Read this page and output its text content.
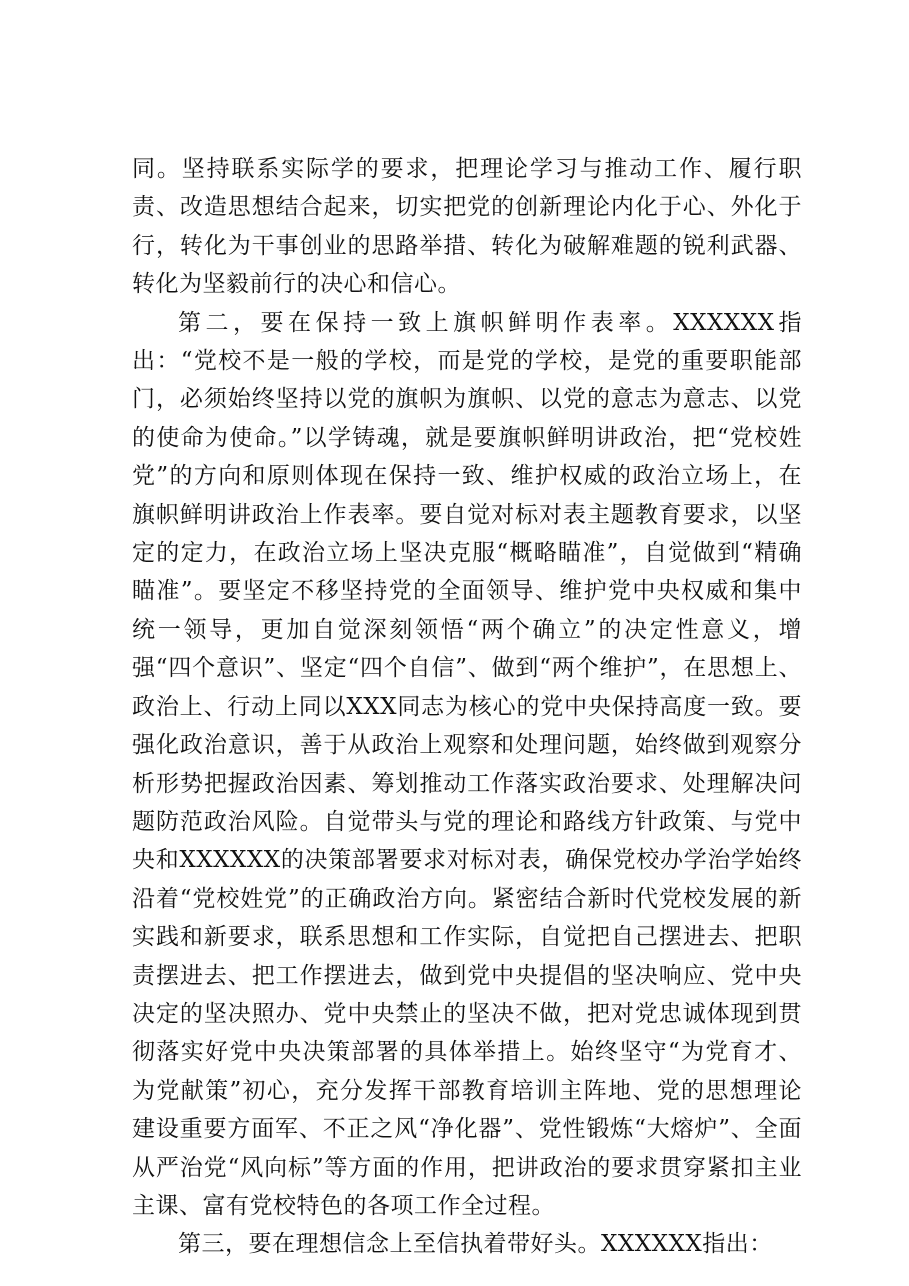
同。坚持联系实际学的要求，把理论学习与推动工作、履行职责、改造思想结合起来，切实把党的创新理论内化于心、外化于行，转化为干事创业的思路举措、转化为破解难题的锐利武器、转化为坚毅前行的决心和信心。

第二，要在保持一致上旗帜鲜明作表率。XXXXXX指出：“党校不是一般的学校，而是党的学校，是党的重要职能部门，必须始终坚持以党的旗帜为旗帜、以党的意志为意志、以党的使命为使命。”以学铸魂，就是要旗帜鲜明讲政治，把“党校姓党”的方向和原则体现在保持一致、维护权威的政治立场上，在旗帜鲜明讲政治上作表率。要自觉对标对表主题教育要求，以坚定的定力，在政治立场上坚决克服“概略瞄准”，自觉做到“精确瞄准”。要坚定不移坚持党的全面领导、维护党中央权威和集中统一领导，更加自觉深刻领悟“两个确立”的决定性意义，增强“四个意识”、坚定“四个自信”、做到“两个维护”，在思想上、政治上、行动上同以XXX同志为核心的党中央保持高度一致。要强化政治意识，善于从政治上观察和处理问题，始终做到观察分析形势把握政治因素、筹划推动工作落实政治要求、处理解决问题防范政治风险。自觉带头与党的理论和路线方针政策、与党中央和XXXXXX的决策部署要求对标对表，确保党校办学治学始终沿着“党校姓党”的正确政治方向。紧密结合新时代党校发展的新实践和新要求，联系思想和工作实际，自觉把自己摆进去、把职责摆进去、把工作摆进去，做到党中央提倡的坚决响应、党中央决定的坚决照办、党中央禁止的坚决不做，把对党忠诚体现到贯彻落实好党中央决策部署的具体举措上。始终坚守“为党育才、为党献策”初心，充分发挥干部教育培训主阵地、党的思想理论建设重要方面军、不正之风“净化器”、党性锻炼“大熔炉”、全面从严治党“风向标”等方面的作用，把讲政治的要求贯穿紧扣主业主课、富有党校特色的各项工作全过程。

第三，要在理想信念上至信执着带好头。XXXXXX指出：
